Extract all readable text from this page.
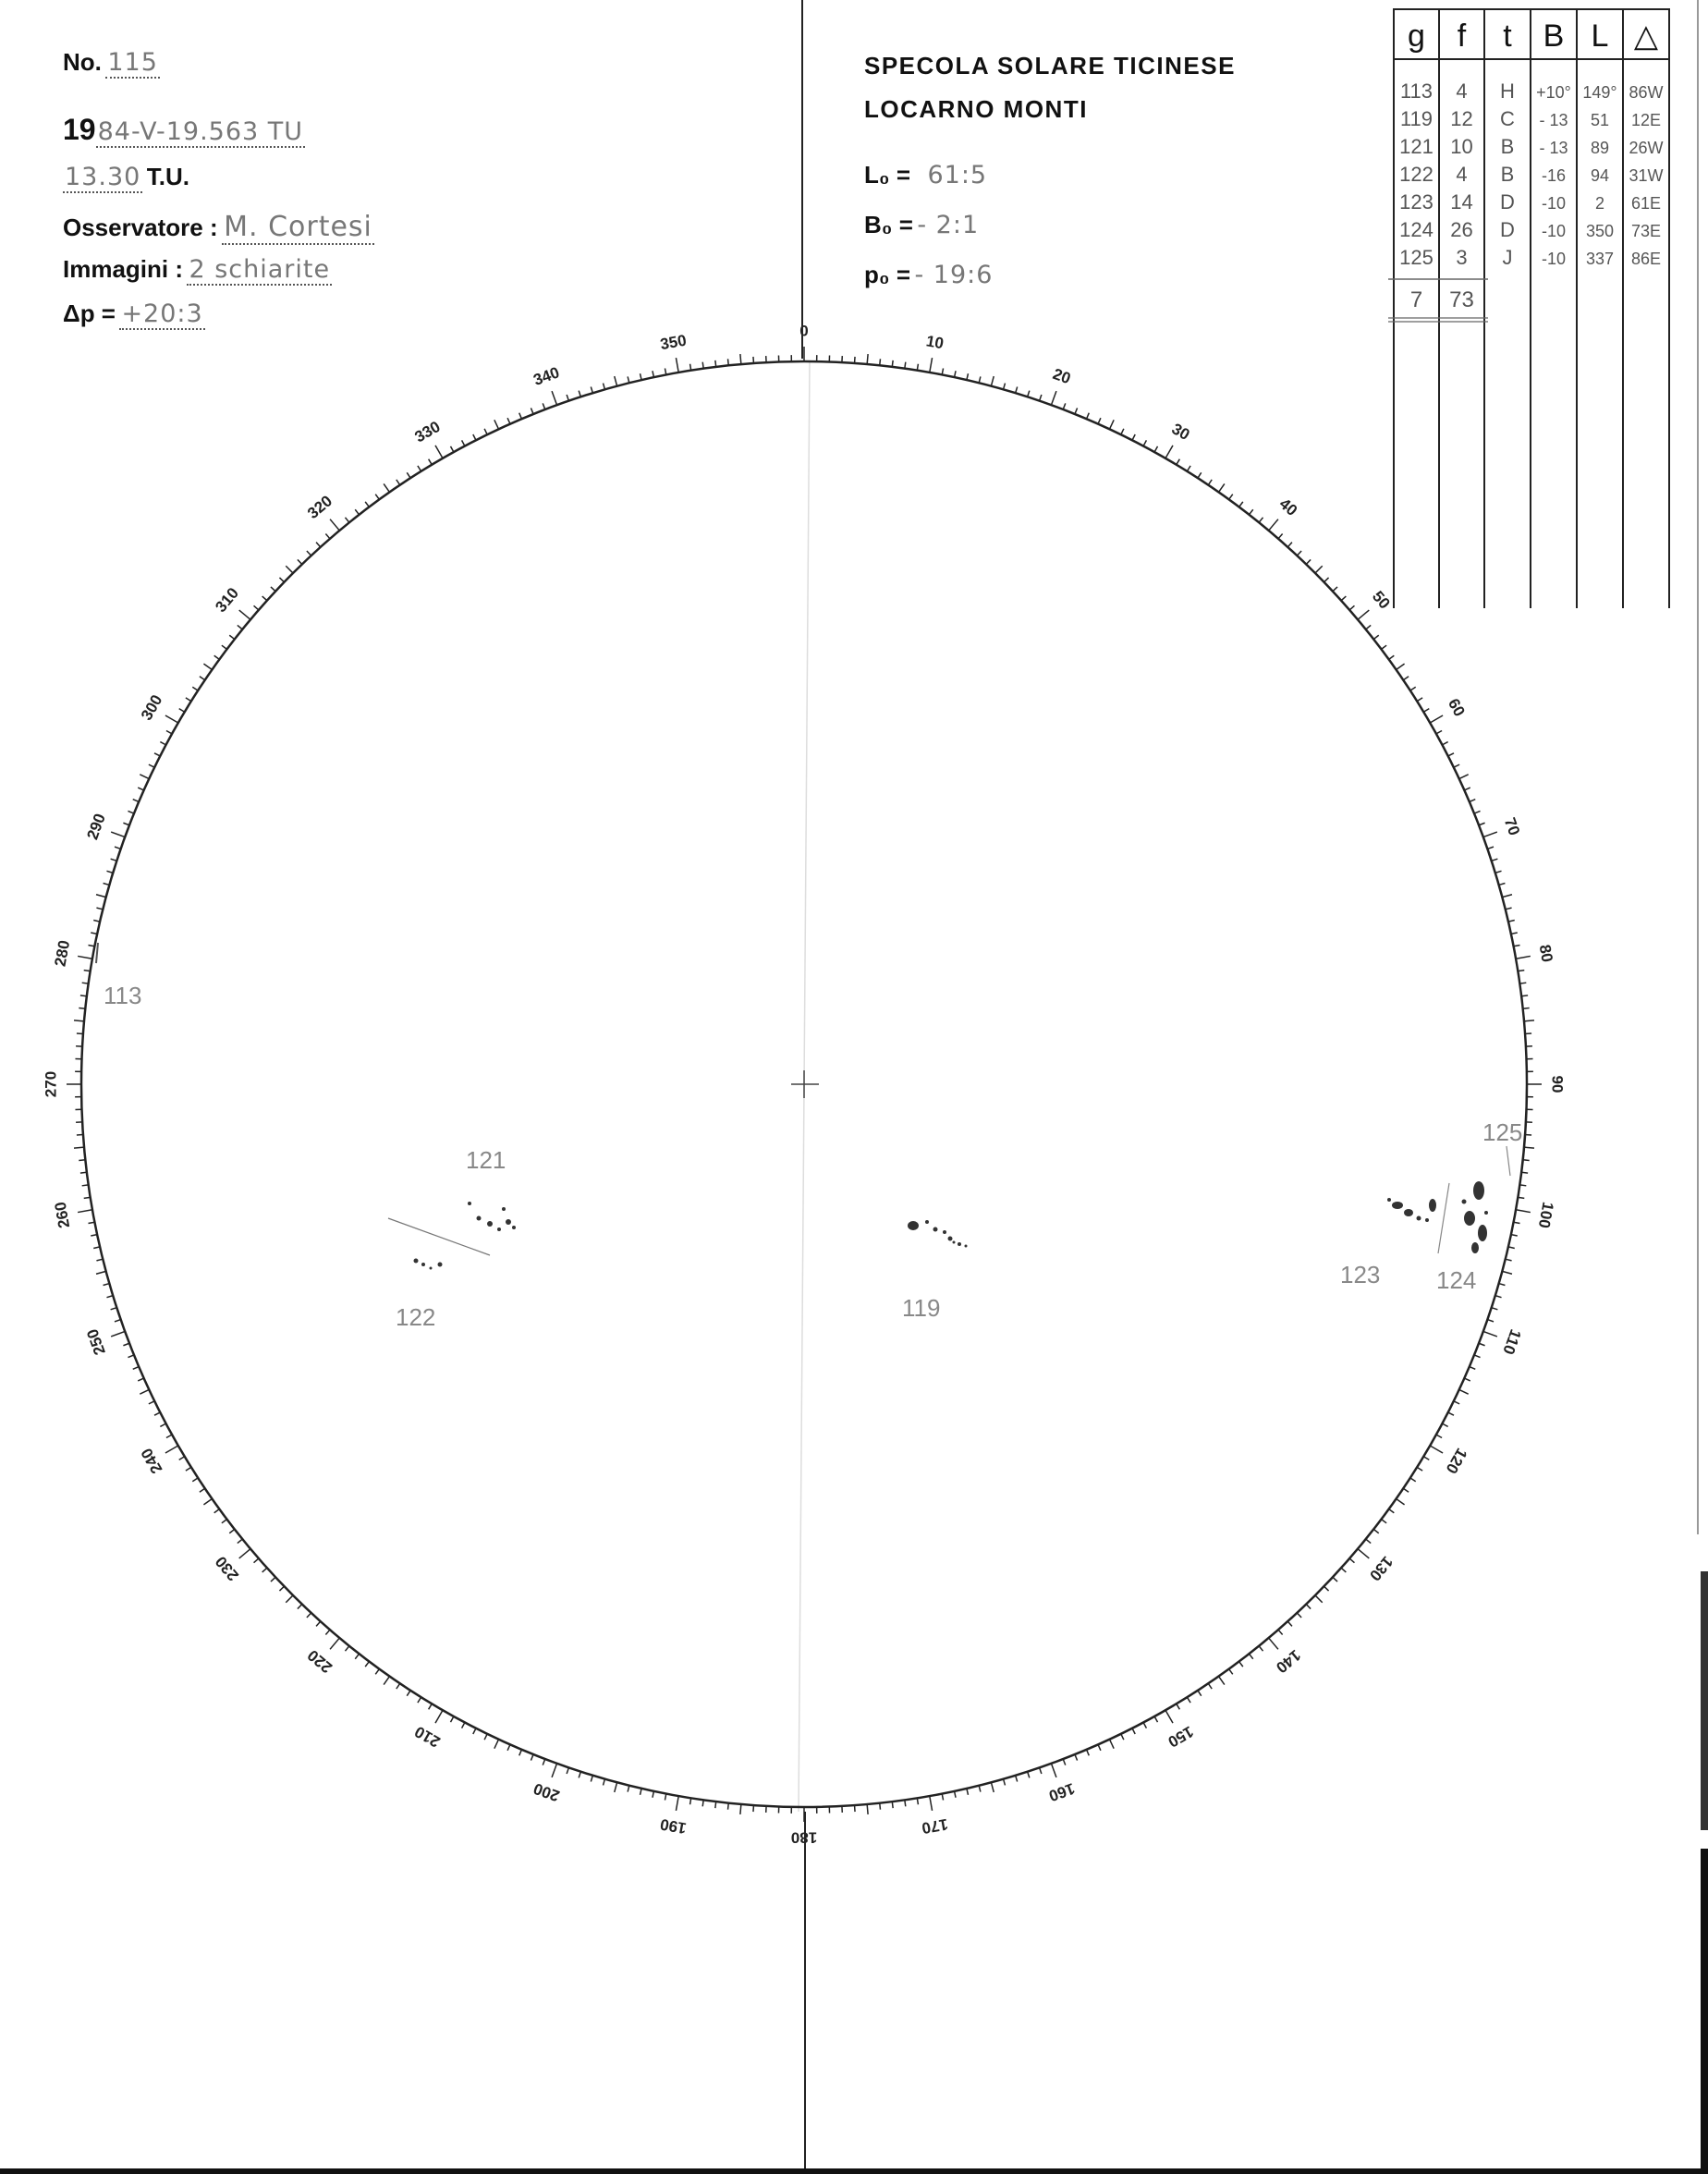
No. 115
1984-V-19.563 TU
13.30 T.U.
Osservatore : M. Cortesi
Immagini : 2 schiarite
Δp = +20:3
SPECOLA SOLARE TICINESE
LOCARNO MONTI
L₀ = 61:5
B₀ = - 2:1
p₀ = - 19:6
g f t B L △
113 4 H +10° 149° 86W
119 12 C - 13 51 12E
121 10 B - 13 89 26W
122 4 B -16 94 31W
123 14 D -10 2 61E
124 26 D -10 350 73E
125 3 J -10 337 86E
7 73
0
10
20
30
40
50
60
70
80
90
100
110
120
130
140
150
160
170
180
190
200
210
220
230
240
250
260
270
280
290
300
310
320
330
340
350
113
121
122	119
123 124
125
